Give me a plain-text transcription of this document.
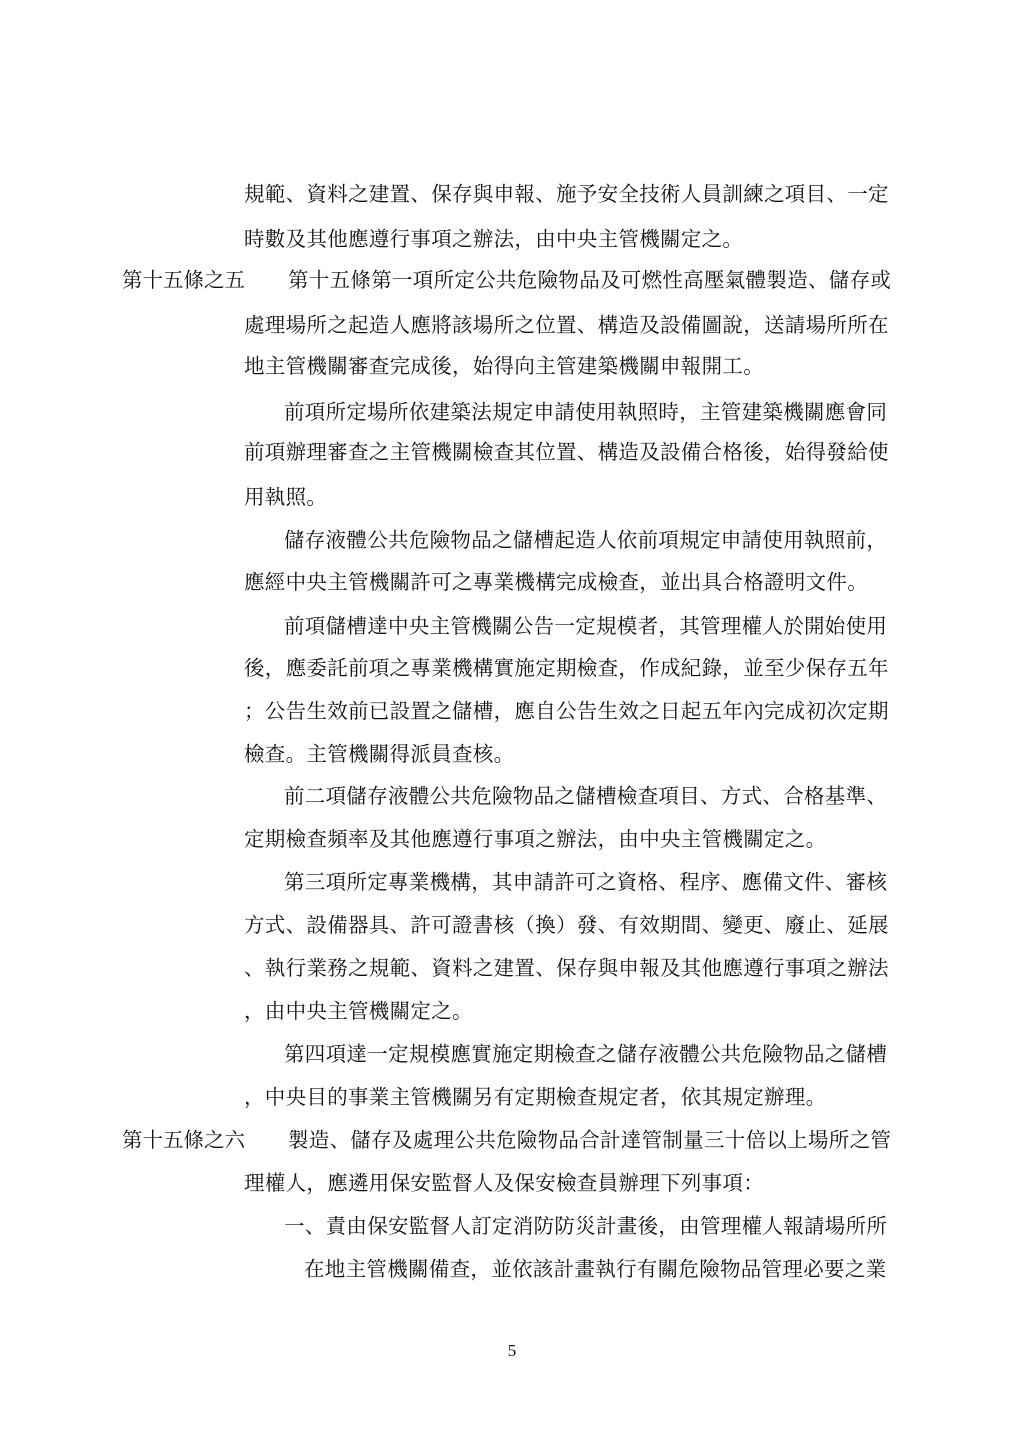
規範、資料之建置、保存與申報、施予安全技術人員訓練之項目、一定
時數及其他應遵行事項之辦法，由中央主管機關定之。
第十五條之五 第十五條第一項所定公共危險物品及可燃性高壓氣體製造、儲存或
處理場所之起造人應將該場所之位置、構造及設備圖說，送請場所所在
地主管機關審查完成後，始得向主管建築機關申報開工。
前項所定場所依建築法規定申請使用執照時，主管建築機關應會同
前項辦理審查之主管機關檢查其位置、構造及設備合格後，始得發給使
用執照。
儲存液體公共危險物品之儲槽起造人依前項規定申請使用執照前，
應經中央主管機關許可之專業機構完成檢查，並出具合格證明文件。
前項儲槽達中央主管機關公告一定規模者，其管理權人於開始使用
後，應委託前項之專業機構實施定期檢查，作成紀錄，並至少保存五年
；公告生效前已設置之儲槽，應自公告生效之日起五年內完成初次定期
檢查。主管機關得派員查核。
前二項儲存液體公共危險物品之儲槽檢查項目、方式、合格基準、
定期檢查頻率及其他應遵行事項之辦法，由中央主管機關定之。
第三項所定專業機構，其申請許可之資格、程序、應備文件、審核
方式、設備器具、許可證書核（換）發、有效期間、變更、廢止、延展
、執行業務之規範、資料之建置、保存與申報及其他應遵行事項之辦法
，由中央主管機關定之。
第四項達一定規模應實施定期檢查之儲存液體公共危險物品之儲槽
，中央目的事業主管機關另有定期檢查規定者，依其規定辦理。
第十五條之六 製造、儲存及處理公共危險物品合計達管制量三十倍以上場所之管
理權人，應遴用保安監督人及保安檢查員辦理下列事項：
一、責由保安監督人訂定消防防災計畫後，由管理權人報請場所所
在地主管機關備查，並依該計畫執行有關危險物品管理必要之業
5
